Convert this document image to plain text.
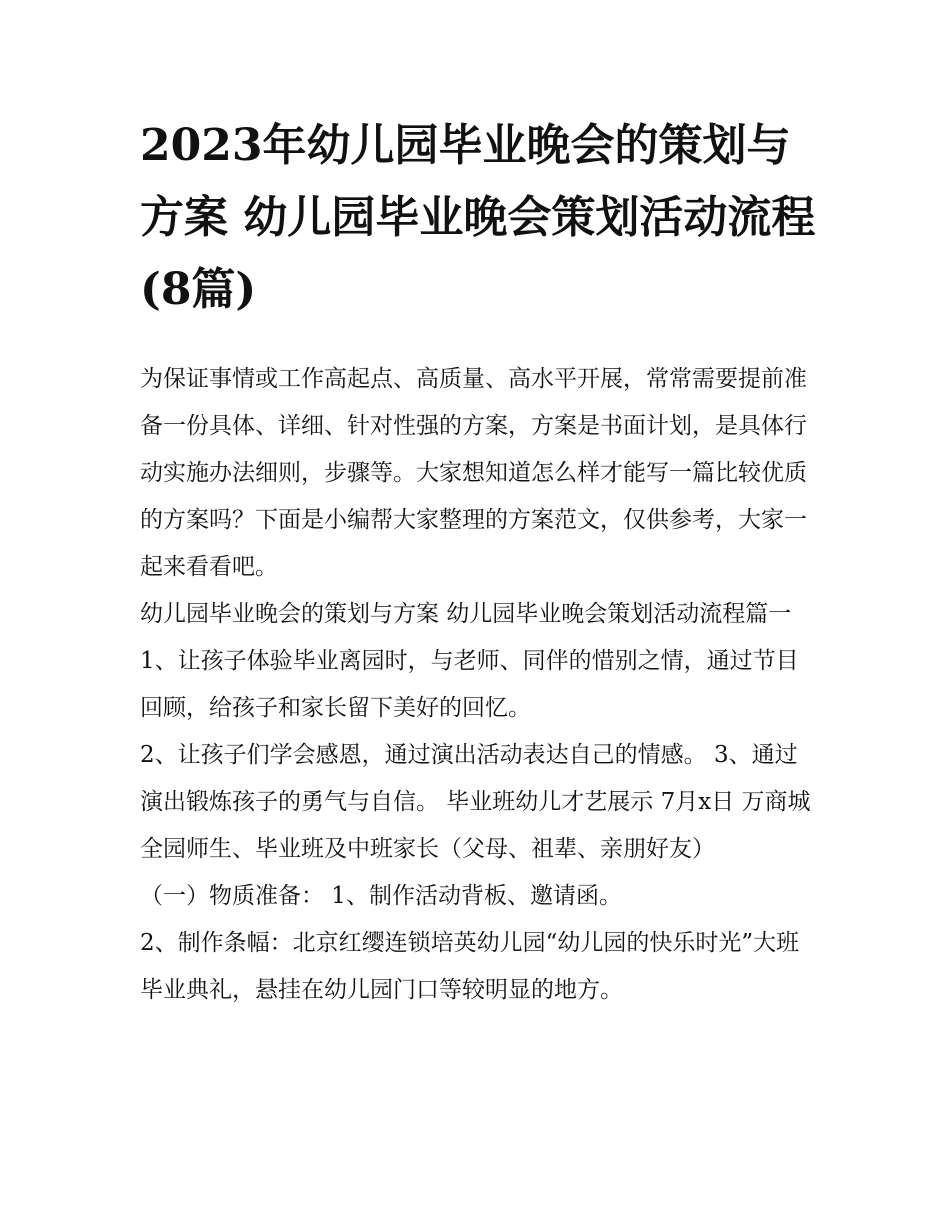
2023年幼儿园毕业晚会的策划与方案 幼儿园毕业晚会策划活动流程(8篇)

为保证事情或工作高起点、高质量、高水平开展，常常需要提前准备一份具体、详细、针对性强的方案，方案是书面计划，是具体行动实施办法细则，步骤等。大家想知道怎么样才能写一篇比较优质的方案吗？下面是小编帮大家整理的方案范文，仅供参考，大家一起来看看吧。

幼儿园毕业晚会的策划与方案 幼儿园毕业晚会策划活动流程篇一1、让孩子体验毕业离园时，与老师、同伴的惜别之情，通过节目回顾，给孩子和家长留下美好的回忆。

2、让孩子们学会感恩，通过演出活动表达自己的情感。 3、通过演出锻炼孩子的勇气与自信。 毕业班幼儿才艺展示 7月x日 万商城

全园师生、毕业班及中班家长（父母、祖辈、亲朋好友）

（一）物质准备： 1、制作活动背板、邀请函。

2、制作条幅：北京红缨连锁培英幼儿园“幼儿园的快乐时光”大班毕业典礼，悬挂在幼儿园门口等较明显的地方。
